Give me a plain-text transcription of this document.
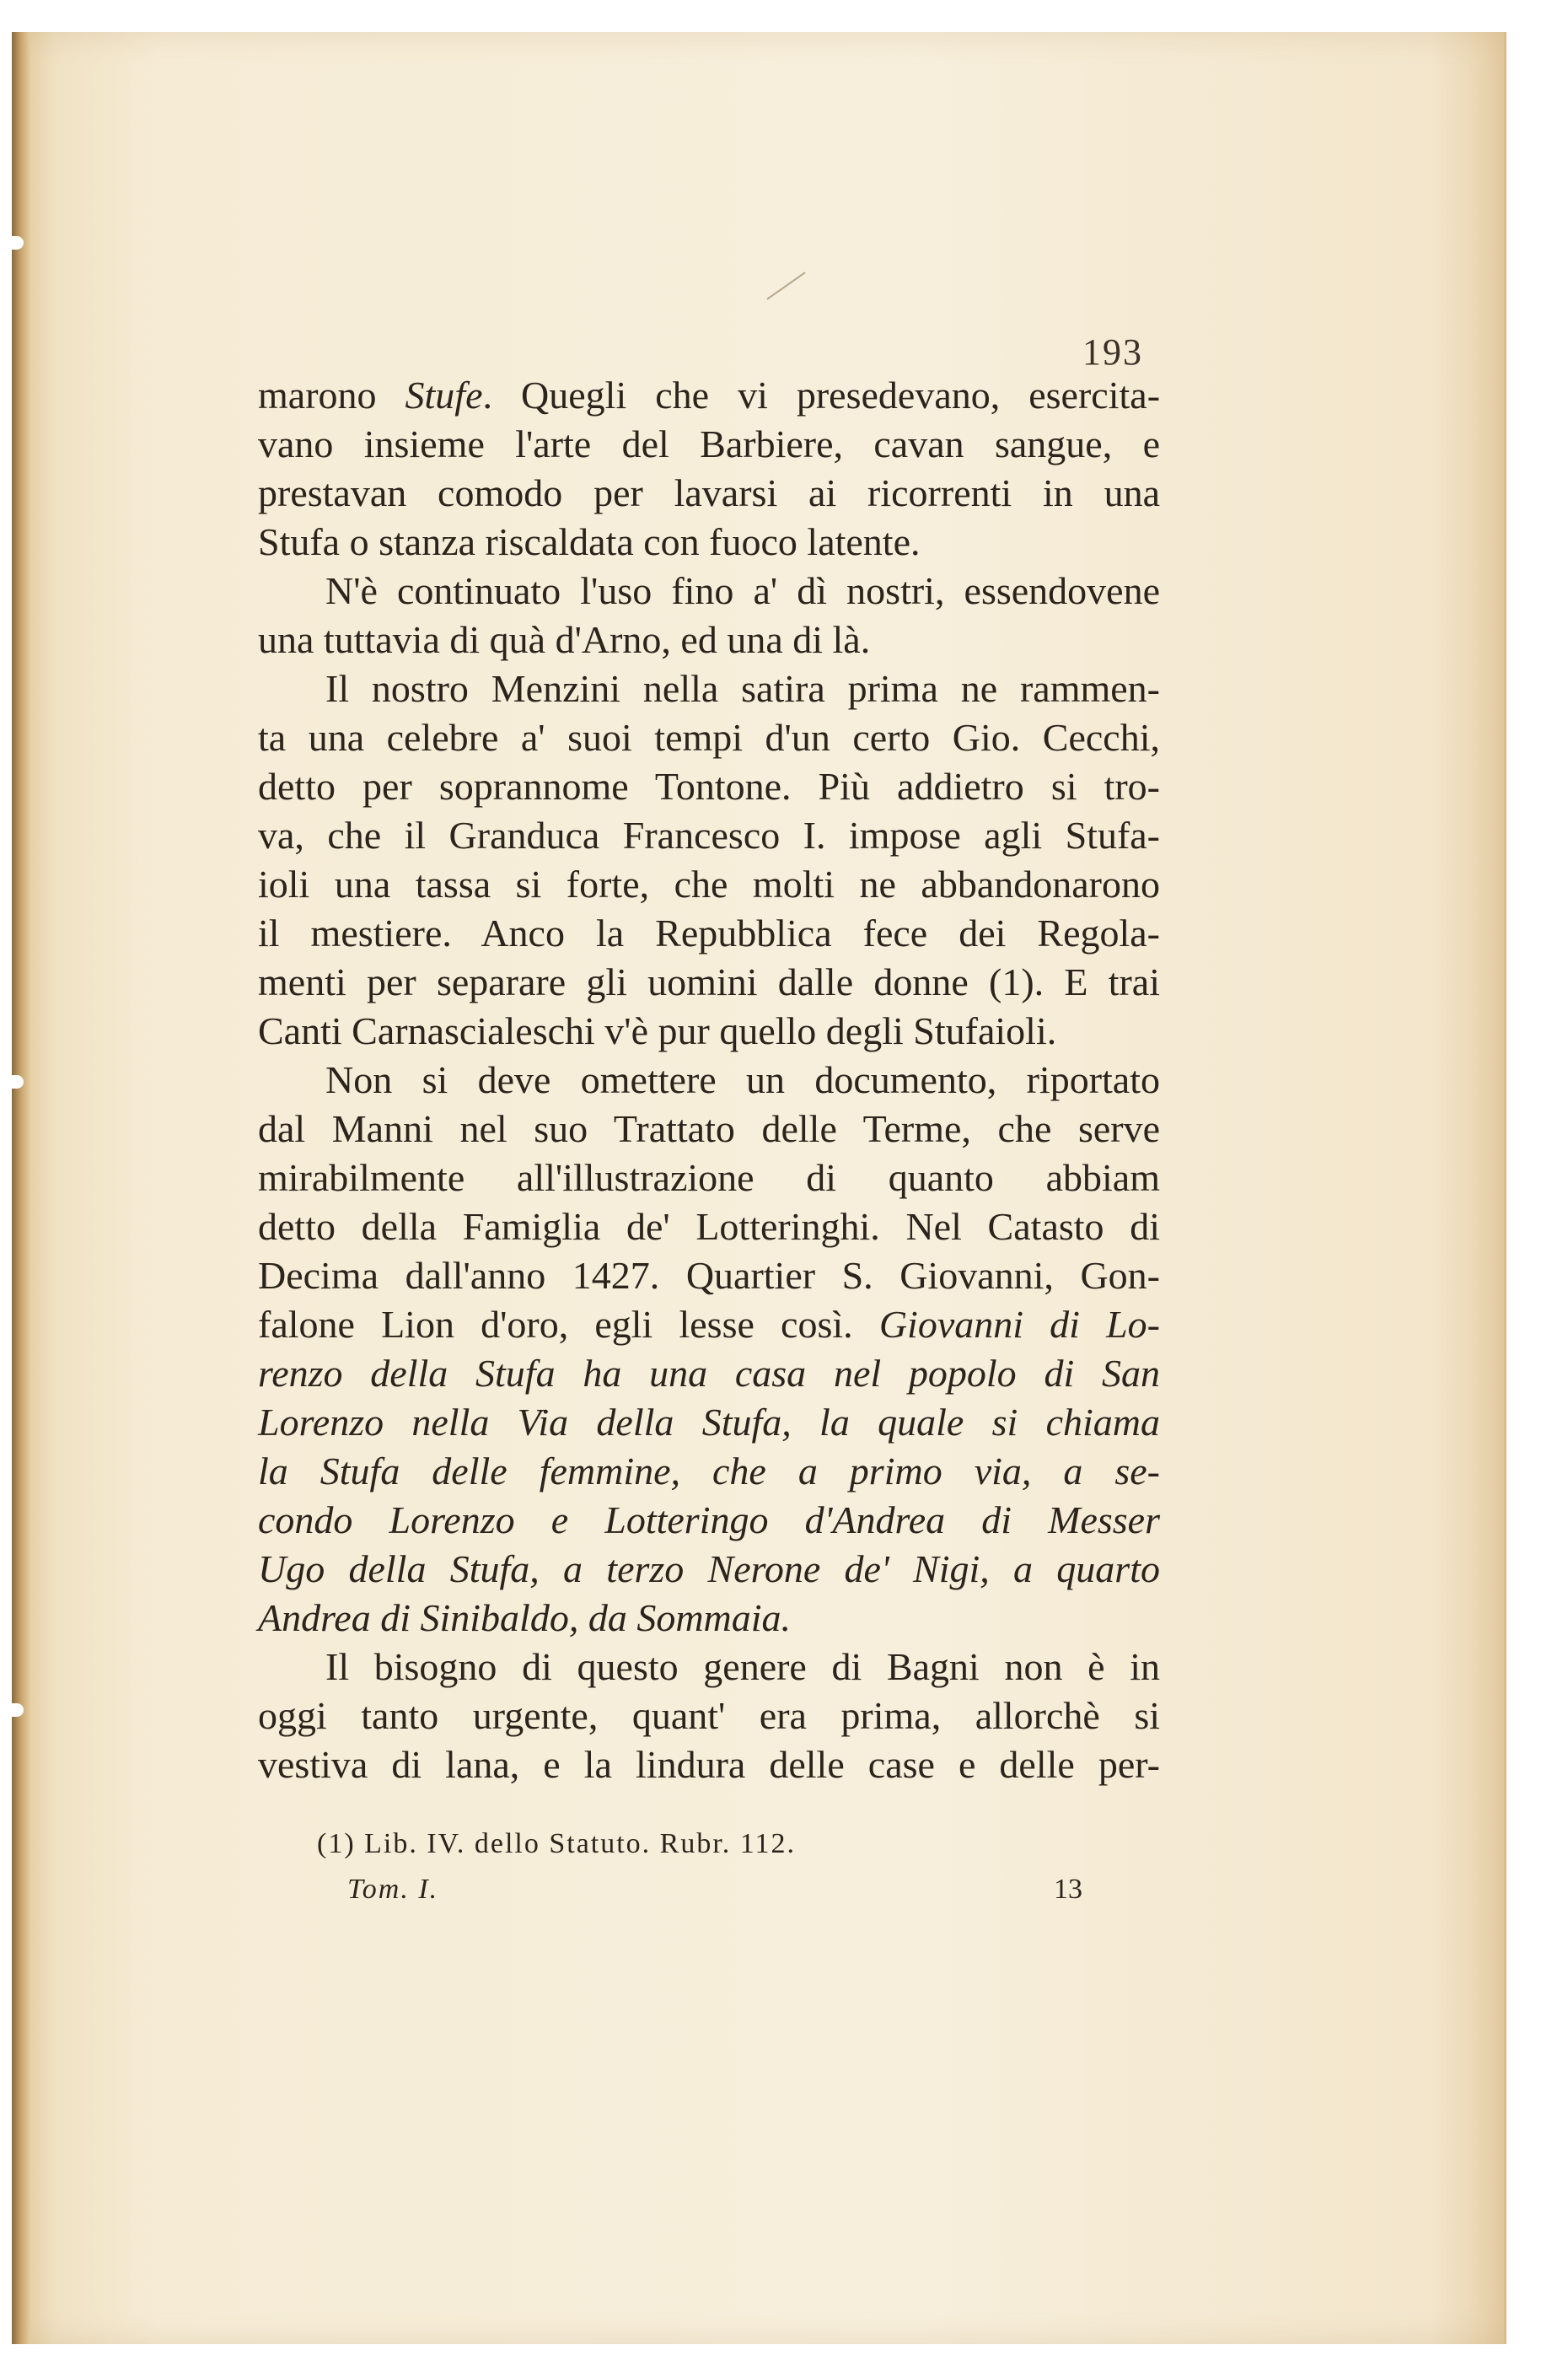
193
marono Stufe. Quegli che vi presedevano, esercita-
vano insieme l'arte del Barbiere, cavan sangue, e
prestavan comodo per lavarsi ai ricorrenti in una
Stufa o stanza riscaldata con fuoco latente.
N'è continuato l'uso fino a' dì nostri, essendovene
una tuttavia di quà d'Arno, ed una di là.
Il nostro Menzini nella satira prima ne rammen-
ta una celebre a' suoi tempi d'un certo Gio. Cecchi,
detto per soprannome Tontone. Più addietro si tro-
va, che il Granduca Francesco I. impose agli Stufa-
ioli una tassa si forte, che molti ne abbandonarono
il mestiere. Anco la Repubblica fece dei Regola-
menti per separare gli uomini dalle donne (1). E trai
Canti Carnascialeschi v'è pur quello degli Stufaioli.
Non si deve omettere un documento, riportato
dal Manni nel suo Trattato delle Terme, che serve
mirabilmente all'illustrazione di quanto abbiam
detto della Famiglia de' Lotteringhi. Nel Catasto di
Decima dall'anno 1427. Quartier S. Giovanni, Gon-
falone Lion d'oro, egli lesse così. Giovanni di Lo-
renzo della Stufa ha una casa nel popolo di San
Lorenzo nella Via della Stufa, la quale si chiama
la Stufa delle femmine, che a primo via, a se-
condo Lorenzo e Lotteringo d'Andrea di Messer
Ugo della Stufa, a terzo Nerone de' Nigi, a quarto
Andrea di Sinibaldo, da Sommaia.
Il bisogno di questo genere di Bagni non è in
oggi tanto urgente, quant' era prima, allorchè si
vestiva di lana, e la lindura delle case e delle per-
(1) Lib. IV. dello Statuto. Rubr. 112.
Tom. I.	13
